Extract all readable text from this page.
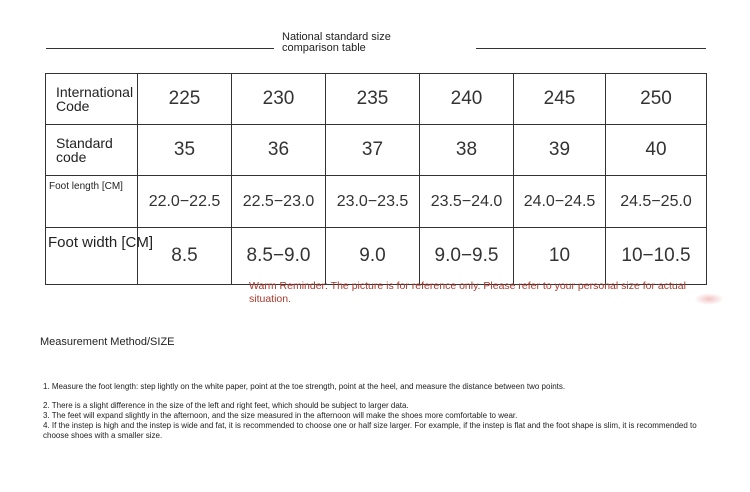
National standard size
comparison table
International Code	225	230	235	240	245	250
Standard code	35	36	37	38	39	40
Foot length [CM]	22.0−22.5	22.5−23.0	23.0−23.5	23.5−24.0	24.0−24.5	24.5−25.0
Foot width [CM]	8.5	8.5−9.0	9.0	9.0−9.5	10	10−10.5
Warm Reminder: The picture is for reference only. Please refer to your personal size for actual situation.
Measurement Method/SIZE

1. Measure the foot length: step lightly on the white paper, point at the toe strength, point at the heel, and measure the distance between two points.

2. There is a slight difference in the size of the left and right feet, which should be subject to larger data.

3. The feet will expand slightly in the afternoon, and the size measured in the afternoon will make the shoes more comfortable to wear.

4. If the instep is high and the instep is wide and fat, it is recommended to choose one or half size larger. For example, if the instep is flat and the foot shape is slim, it is recommended to choose shoes with a smaller size.
